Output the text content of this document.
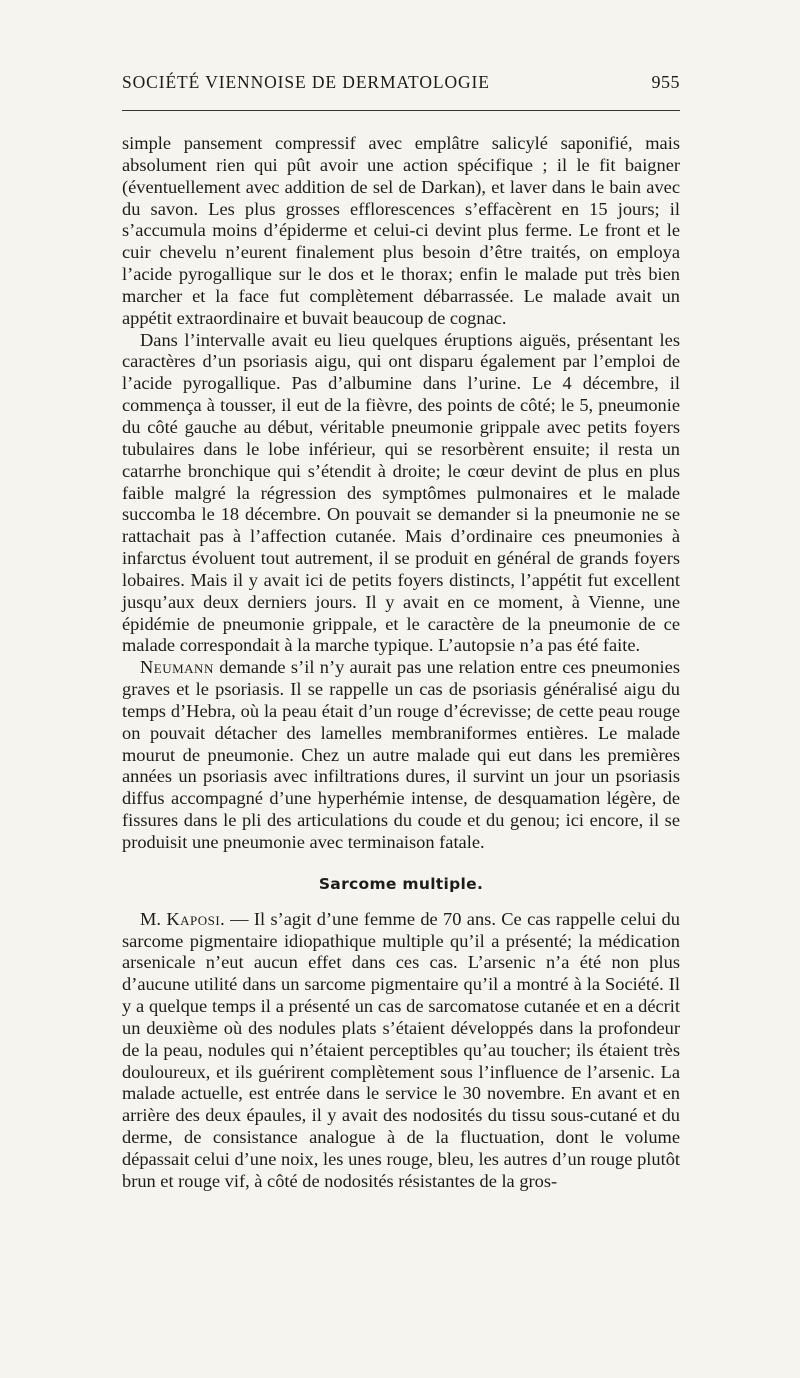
SOCIÉTÉ VIENNOISE DE DERMATOLOGIE	955

simple pansement compressif avec emplâtre salicylé saponifié, mais absolument rien qui pût avoir une action spécifique ; il le fit baigner (éventuellement avec addition de sel de Darkan), et laver dans le bain avec du savon. Les plus grosses efflorescences s’effacèrent en 15 jours; il s’accumula moins d’épiderme et celui-ci devint plus ferme. Le front et le cuir chevelu n’eurent finalement plus besoin d’être traités, on employa l’acide pyrogallique sur le dos et le thorax; enfin le malade put très bien marcher et la face fut complètement débarrassée. Le malade avait un appétit extraordinaire et buvait beaucoup de cognac.

Dans l’intervalle avait eu lieu quelques éruptions aiguës, présentant les caractères d’un psoriasis aigu, qui ont disparu également par l’emploi de l’acide pyrogallique. Pas d’albumine dans l’urine. Le 4 décembre, il commença à tousser, il eut de la fièvre, des points de côté; le 5, pneumonie du côté gauche au début, véritable pneumonie grippale avec petits foyers tubulaires dans le lobe inférieur, qui se resorbèrent ensuite; il resta un catarrhe bronchique qui s’étendit à droite; le cœur devint de plus en plus faible malgré la régression des symptômes pulmonaires et le malade succomba le 18 décembre. On pouvait se demander si la pneumonie ne se rattachait pas à l’affection cutanée. Mais d’ordinaire ces pneumonies à infarctus évoluent tout autrement, il se produit en général de grands foyers lobaires. Mais il y avait ici de petits foyers distincts, l’appétit fut excellent jusqu’aux deux derniers jours. Il y avait en ce moment, à Vienne, une épidémie de pneumonie grippale, et le caractère de la pneumonie de ce malade correspondait à la marche typique. L’autopsie n’a pas été faite.

Neumann demande s’il n’y aurait pas une relation entre ces pneumonies graves et le psoriasis. Il se rappelle un cas de psoriasis généralisé aigu du temps d’Hebra, où la peau était d’un rouge d’écrevisse; de cette peau rouge on pouvait détacher des lamelles membraniformes entières. Le malade mourut de pneumonie. Chez un autre malade qui eut dans les premières années un psoriasis avec infiltrations dures, il survint un jour un psoriasis diffus accompagné d’une hyperhémie intense, de desquamation légère, de fissures dans le pli des articulations du coude et du genou; ici encore, il se produisit une pneumonie avec terminaison fatale.

Sarcome multiple.

M. Kaposi. — Il s’agit d’une femme de 70 ans. Ce cas rappelle celui du sarcome pigmentaire idiopathique multiple qu’il a présenté; la médication arsenicale n’eut aucun effet dans ces cas. L’arsenic n’a été non plus d’aucune utilité dans un sarcome pigmentaire qu’il a montré à la Société. Il y a quelque temps il a présenté un cas de sarcomatose cutanée et en a décrit un deuxième où des nodules plats s’étaient développés dans la profondeur de la peau, nodules qui n’étaient perceptibles qu’au toucher; ils étaient très douloureux, et ils guérirent complètement sous l’influence de l’arsenic. La malade actuelle, est entrée dans le service le 30 novembre. En avant et en arrière des deux épaules, il y avait des nodosités du tissu sous-cutané et du derme, de consistance analogue à de la fluctuation, dont le volume dépassait celui d’une noix, les unes rouge, bleu, les autres d’un rouge plutôt brun et rouge vif, à côté de nodosités résistantes de la gros-
